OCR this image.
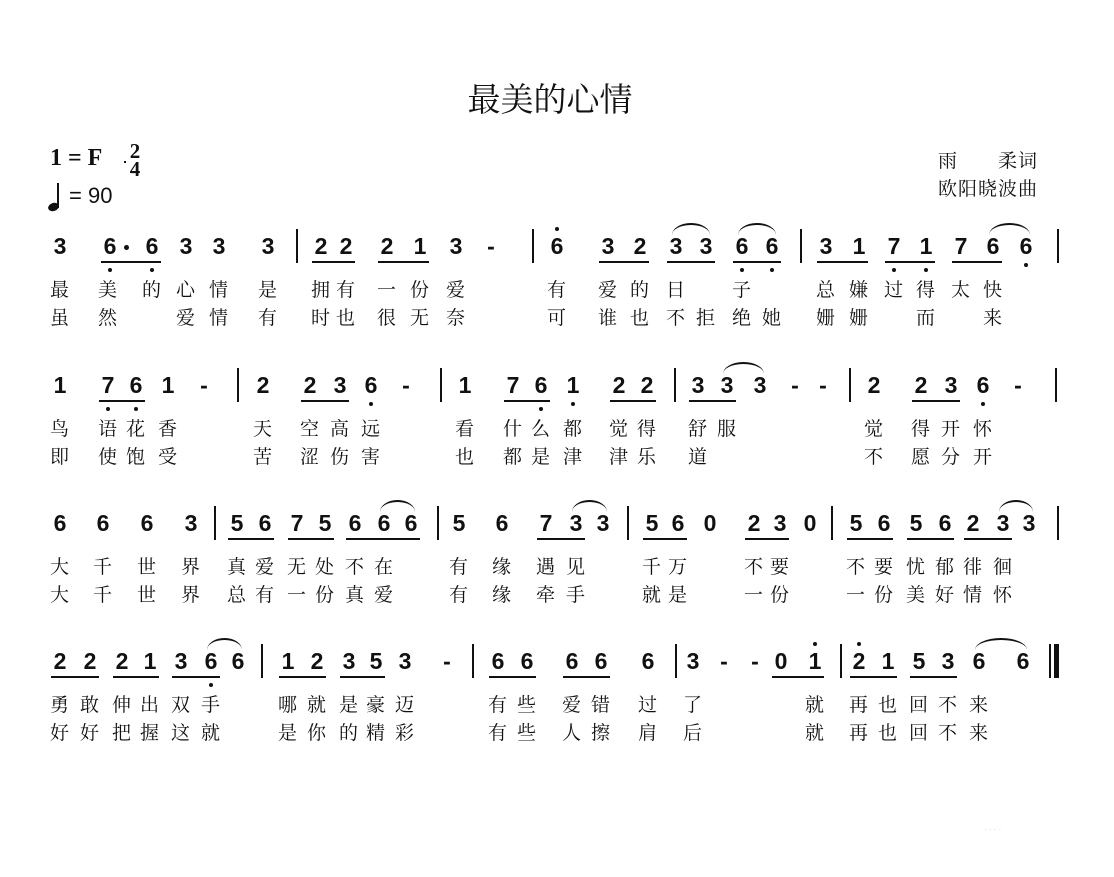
最美的心情
1 = F 2
4
= 90
雨　　柔词
欧阳晓波曲
3 6 6 3 3 3 2 2 2 1 3 - 6 3 2 3 3 6 6 3 1 7 1 7 6 6
最 美 的 心 情 是 拥 有 一 份 爱	有 爱 的 日 子	总 嫌 过 得 太 快
虽 然	爱 情 有 时 也 很 无 奈	可 谁 也 不 拒 绝 她 姗 姗	而	来
1 7 6 1 - 2 2 3 6 - 1 7 6 1 2 2 3 3 3 - - 2 2 3 6 -
鸟 语 花 香	天 空 高 远	看 什 么 都 觉 得 舒 服	觉 得 开 怀
即 使 饱 受	苦 涩 伤 害	也 都 是 津 津 乐 道	不 愿 分 开
6 6 6 3 5 6 7 5 6 6 6 5 6 7 3 3 5 6 0 2 3 0 5 6 5 6 2 3 3
大 千 世 界 真 爱 无 处 不 在	有 缘 遇 见	千 万	不 要	不 要 忧 郁 徘 徊
大 千 世 界 总 有 一 份 真 爱	有 缘 牵 手	就 是	一 份	一 份 美 好 情 怀
2 2 2 1 3 6 6 1 2 3 5 3 - 6 6 6 6 6 3 - - 0 1 2 1 5 3 6 6
勇 敢 伸 出 双 手	哪 就 是 豪 迈	有 些 爱 错 过 了	就 再 也 回 不 来
好 好 把 握 这 就	是 你 的 精 彩	有 些 人 擦 肩 后	就 再 也 回 不 来
· · · ·
